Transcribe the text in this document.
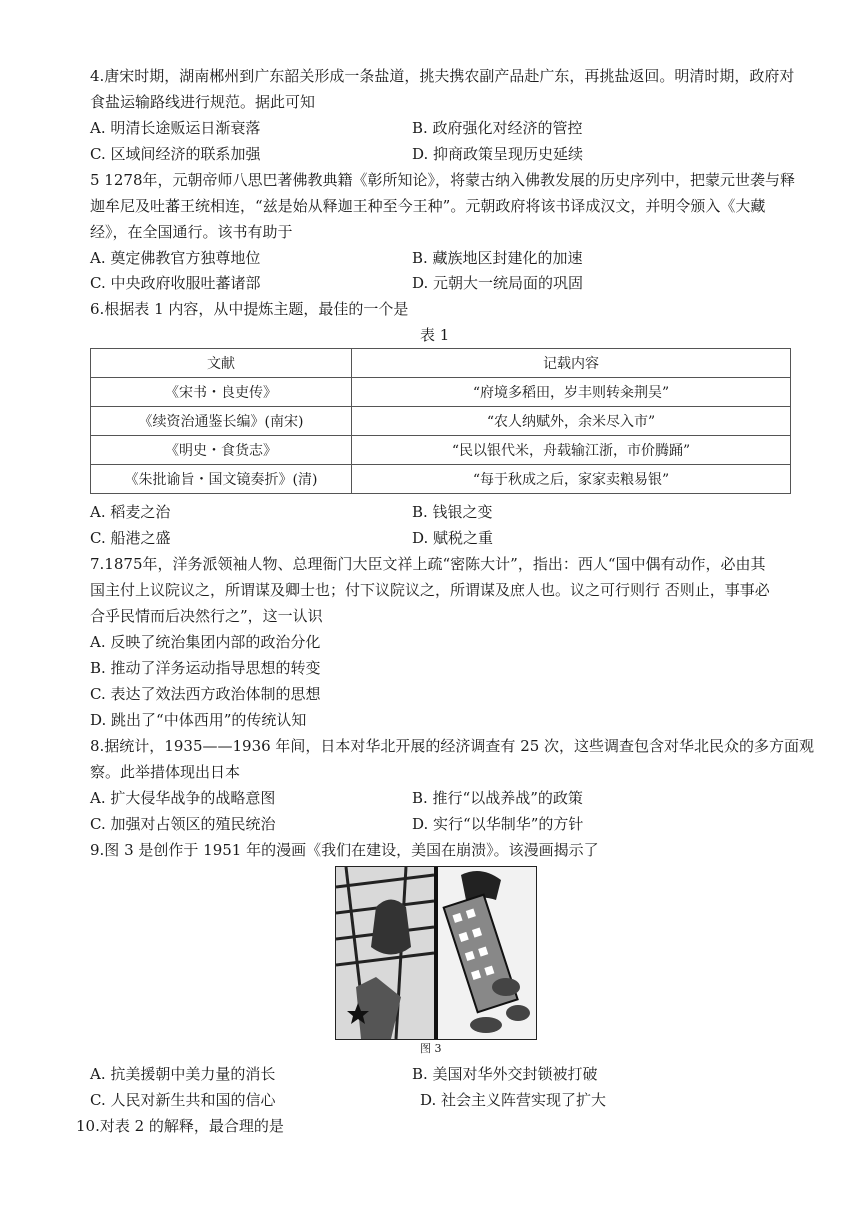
4.唐宋时期，湖南郴州到广东韶关形成一条盐道，挑夫携农副产品赴广东，再挑盐返回。明清时期，政府对
食盐运输路线进行规范。据此可知
A. 明清长途贩运日渐衰落	B. 政府强化对经济的管控
C. 区域间经济的联系加强	D. 抑商政策呈现历史延续
5 1278年，元朝帝师八思巴著佛教典籍《彰所知论》，将蒙古纳入佛教发展的历史序列中，把蒙元世袭与释
迦牟尼及吐蕃王统相连，“兹是始从释迦王种至今王种”。元朝政府将该书译成汉文，并明令颁入《大藏
经》，在全国通行。该书有助于
A. 奠定佛教官方独尊地位	B. 藏族地区封建化的加速
C. 中央政府收服吐蕃诸部	D. 元朝大一统局面的巩固
6.根据表 1 内容，从中提炼主题，最佳的一个是
表 1
文献	记载内容
《宋书・良吏传》	“府境多稻田，岁丰则转籴荆吴”
《续资治通鉴长编》(南宋)	“农人纳赋外，余米尽入市”
《明史・食货志》	“民以银代米，舟载输江浙，市价腾踊”
《朱批谕旨・国文镜奏折》(清)	“每于秋成之后，家家卖粮易银”
A. 稻麦之治	B. 钱银之变
C. 船港之盛	D. 赋税之重
7.1875年，洋务派领袖人物、总理衙门大臣文祥上疏“密陈大计”，指出：西人“国中偶有动作，必由其
国主付上议院议之，所谓谋及卿士也；付下议院议之，所谓谋及庶人也。议之可行则行 否则止，事事必
合乎民情而后决然行之”，这一认识
A. 反映了统治集团内部的政治分化
B. 推动了洋务运动指导思想的转变
C. 表达了效法西方政治体制的思想
D. 跳出了“中体西用”的传统认知
8.据统计，1935——1936 年间，日本对华北开展的经济调查有 25 次，这些调查包含对华北民众的多方面观
察。此举措体现出日本
A. 扩大侵华战争的战略意图	B. 推行“以战养战”的政策
C. 加强对占领区的殖民统治	D. 实行“以华制华”的方针
9.图 3 是创作于 1951 年的漫画《我们在建设，美国在崩溃》。该漫画揭示了
图 3
A. 抗美援朝中美力量的消长	B. 美国对华外交封锁被打破
C. 人民对新生共和国的信心	D. 社会主义阵营实现了扩大
10.对表 2 的解释，最合理的是
